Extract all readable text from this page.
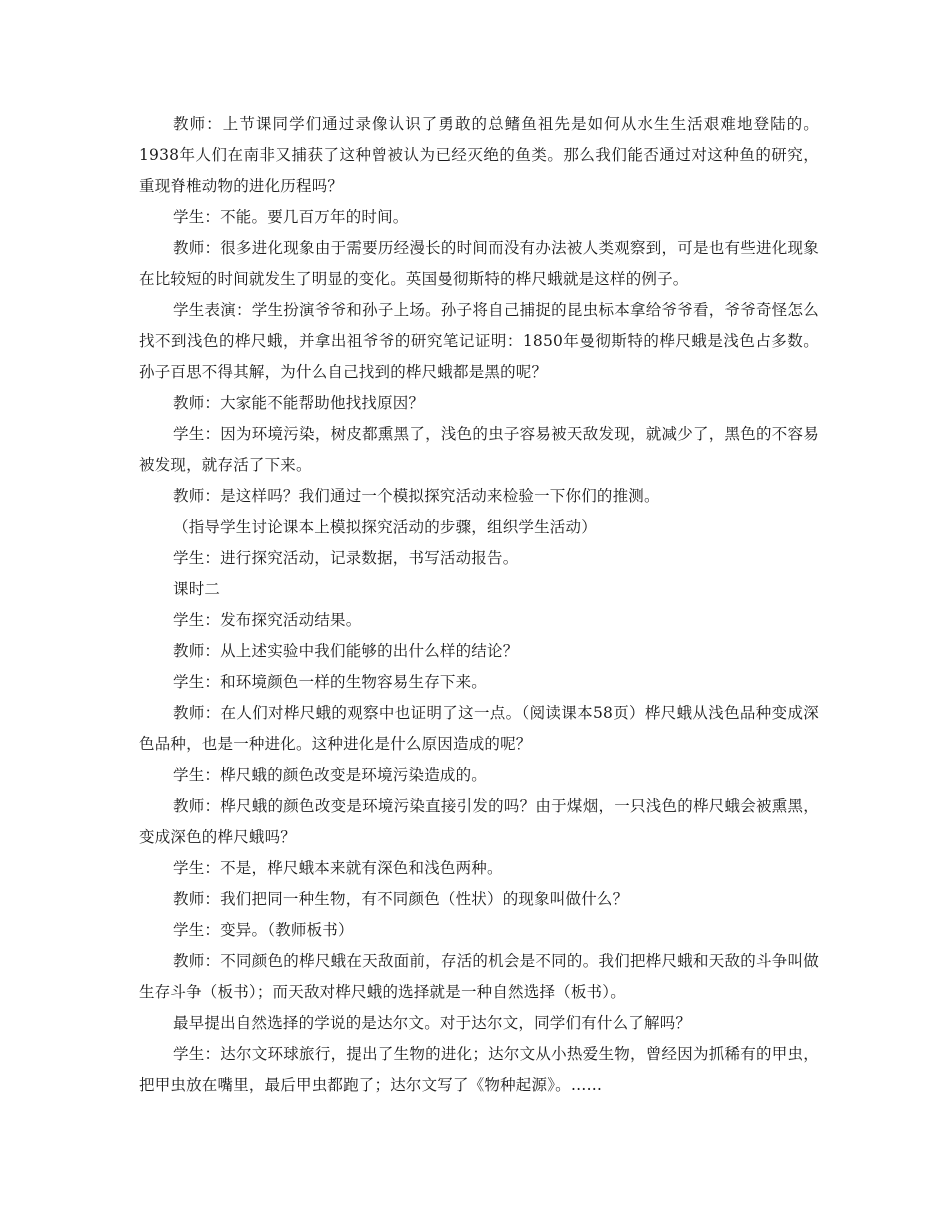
教师：上节课同学们通过录像认识了勇敢的总鳍鱼祖先是如何从水生生活艰难地登陆的。1938年人们在南非又捕获了这种曾被认为已经灭绝的鱼类。那么我们能否通过对这种鱼的研究，重现脊椎动物的进化历程吗？

学生：不能。要几百万年的时间。

教师：很多进化现象由于需要历经漫长的时间而没有办法被人类观察到，可是也有些进化现象在比较短的时间就发生了明显的变化。英国曼彻斯特的桦尺蛾就是这样的例子。

学生表演：学生扮演爷爷和孙子上场。孙子将自己捕捉的昆虫标本拿给爷爷看，爷爷奇怪怎么找不到浅色的桦尺蛾，并拿出祖爷爷的研究笔记证明：1850年曼彻斯特的桦尺蛾是浅色占多数。孙子百思不得其解，为什么自己找到的桦尺蛾都是黑的呢？

教师：大家能不能帮助他找找原因？

学生：因为环境污染，树皮都熏黑了，浅色的虫子容易被天敌发现，就减少了，黑色的不容易被发现，就存活了下来。

教师：是这样吗？我们通过一个模拟探究活动来检验一下你们的推测。

（指导学生讨论课本上模拟探究活动的步骤，组织学生活动）

学生：进行探究活动，记录数据，书写活动报告。

课时二

学生：发布探究活动结果。

教师：从上述实验中我们能够的出什么样的结论？

学生：和环境颜色一样的生物容易生存下来。

教师：在人们对桦尺蛾的观察中也证明了这一点。（阅读课本58页）桦尺蛾从浅色品种变成深色品种，也是一种进化。这种进化是什么原因造成的呢？

学生：桦尺蛾的颜色改变是环境污染造成的。

教师：桦尺蛾的颜色改变是环境污染直接引发的吗？由于煤烟，一只浅色的桦尺蛾会被熏黑，变成深色的桦尺蛾吗？

学生：不是，桦尺蛾本来就有深色和浅色两种。

教师：我们把同一种生物，有不同颜色（性状）的现象叫做什么？

学生：变异。（教师板书）

教师：不同颜色的桦尺蛾在天敌面前，存活的机会是不同的。我们把桦尺蛾和天敌的斗争叫做生存斗争（板书）；而天敌对桦尺蛾的选择就是一种自然选择（板书）。

最早提出自然选择的学说的是达尔文。对于达尔文，同学们有什么了解吗？

学生：达尔文环球旅行，提出了生物的进化；达尔文从小热爱生物，曾经因为抓稀有的甲虫，把甲虫放在嘴里，最后甲虫都跑了；达尔文写了《物种起源》。……
